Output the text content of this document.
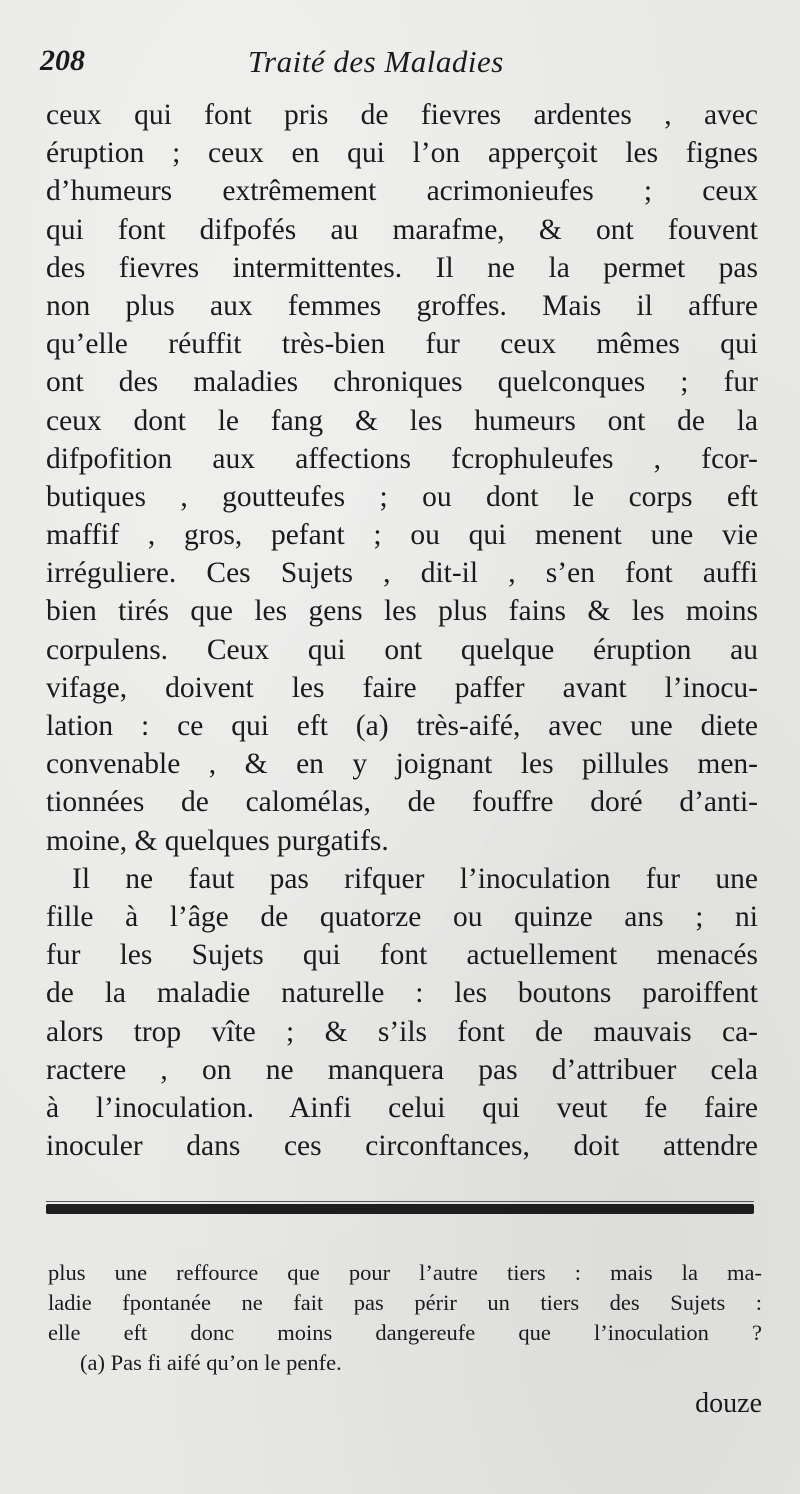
208	Traité des Maladies
ceux qui font pris de fievres ardentes , avec
éruption ; ceux en qui l’on apperçoit les fignes
d’humeurs extrêmement acrimonieufes ; ceux
qui font difpofés au marafme, & ont fouvent
des fievres intermittentes. Il ne la permet pas
non plus aux femmes groffes. Mais il affure
qu’elle réuffit très-bien fur ceux mêmes qui
ont des maladies chroniques quelconques ; fur
ceux dont le fang & les humeurs ont de la
difpofition aux affections fcrophuleufes , fcor-
butiques , goutteufes ; ou dont le corps eft
maffif , gros, pefant ; ou qui menent une vie
irréguliere. Ces Sujets , dit-il , s’en font auffi
bien tirés que les gens les plus fains & les moins
corpulens. Ceux qui ont quelque éruption au
vifage, doivent les faire paffer avant l’inocu-
lation : ce qui eft (a) très-aifé, avec une diete
convenable , & en y joignant les pillules men-
tionnées de calomélas, de fouffre doré d’anti-
moine, & quelques purgatifs.
Il ne faut pas rifquer l’inoculation fur une
fille à l’âge de quatorze ou quinze ans ; ni
fur les Sujets qui font actuellement menacés
de la maladie naturelle : les boutons paroiffent
alors trop vîte ; & s’ils font de mauvais ca-
ractere , on ne manquera pas d’attribuer cela
à l’inoculation. Ainfi celui qui veut fe faire
inoculer dans ces circonftances, doit attendre
plus une reffource que pour l’autre tiers : mais la ma-
ladie fpontanée ne fait pas périr un tiers des Sujets :
elle eft donc moins dangereufe que l’inoculation ?
(a) Pas fi aifé qu’on le penfe.
douze
